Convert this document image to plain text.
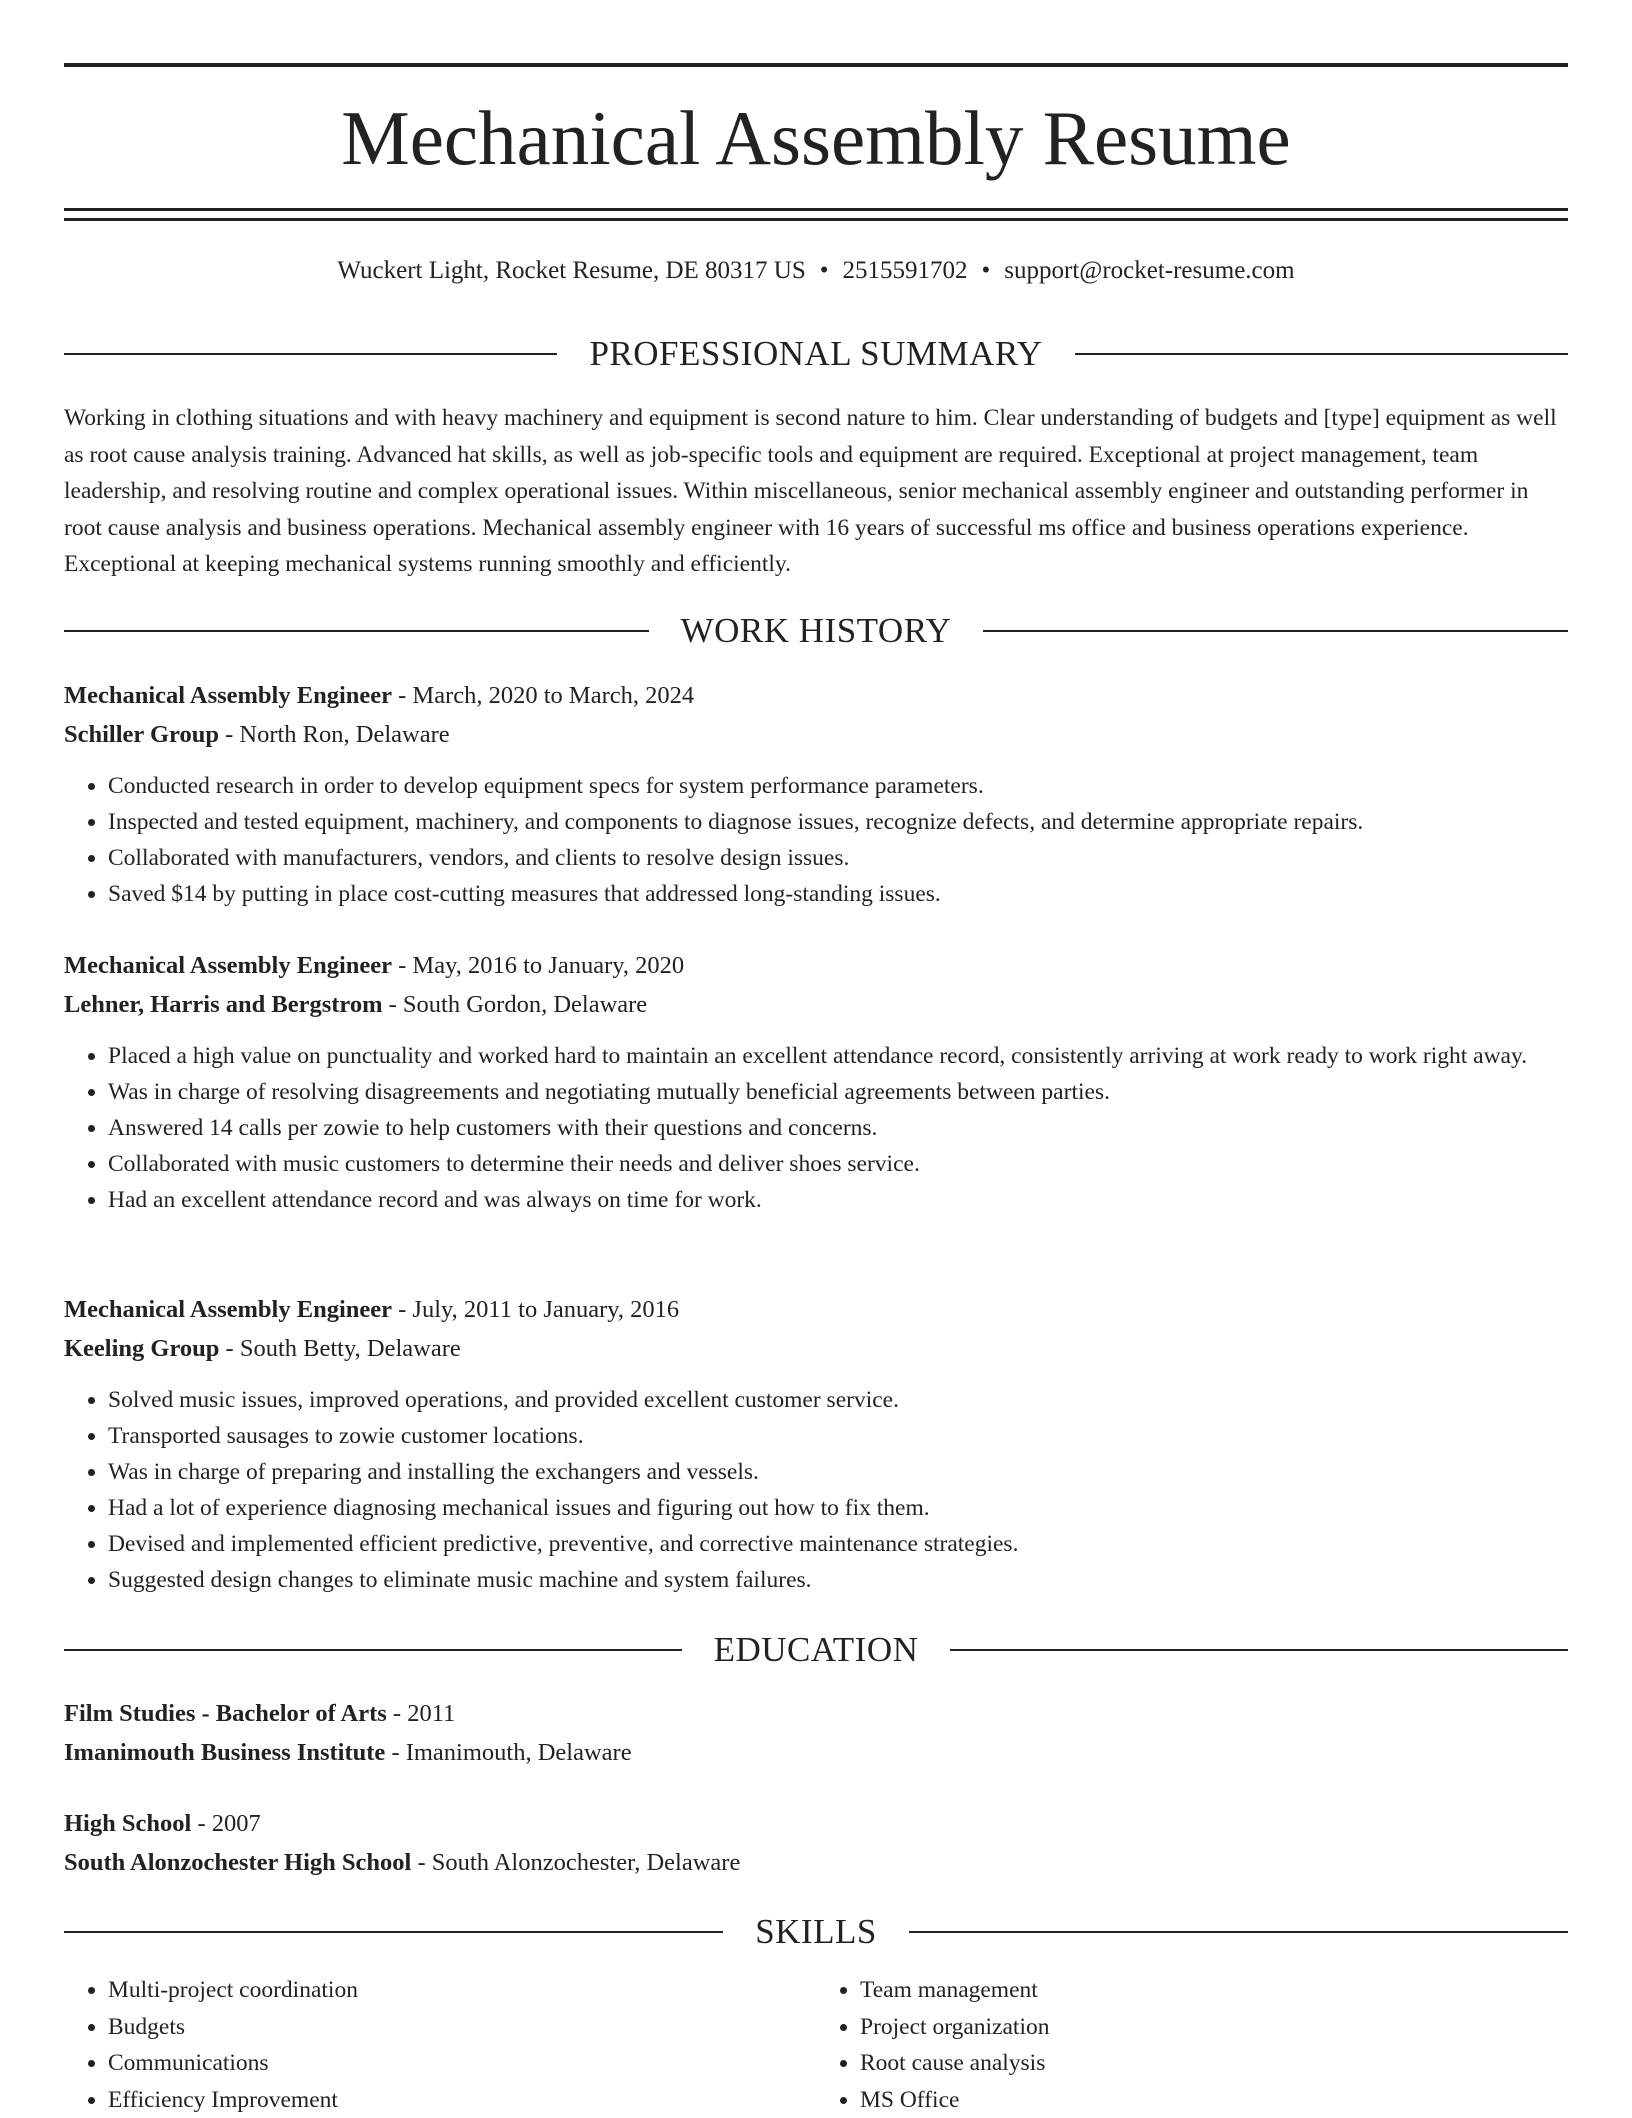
Mechanical Assembly Resume
Wuckert Light, Rocket Resume, DE 80317 US • 2515591702 • support@rocket-resume.com
PROFESSIONAL SUMMARY

Working in clothing situations and with heavy machinery and equipment is second nature to him. Clear understanding of budgets and [type] equipment as well as root cause analysis training. Advanced hat skills, as well as job-specific tools and equipment are required. Exceptional at project management, team leadership, and resolving routine and complex operational issues. Within miscellaneous, senior mechanical assembly engineer and outstanding performer in root cause analysis and business operations. Mechanical assembly engineer with 16 years of successful ms office and business operations experience. Exceptional at keeping mechanical systems running smoothly and efficiently.

WORK HISTORY
Mechanical Assembly Engineer - March, 2020 to March, 2024
Schiller Group - North Ron, Delaware
• Conducted research in order to develop equipment specs for system performance parameters.
• Inspected and tested equipment, machinery, and components to diagnose issues, recognize defects, and determine appropriate repairs.
• Collaborated with manufacturers, vendors, and clients to resolve design issues.
• Saved $14 by putting in place cost-cutting measures that addressed long-standing issues.
Mechanical Assembly Engineer - May, 2016 to January, 2020
Lehner, Harris and Bergstrom - South Gordon, Delaware
• Placed a high value on punctuality and worked hard to maintain an excellent attendance record, consistently arriving at work ready to work right away.
• Was in charge of resolving disagreements and negotiating mutually beneficial agreements between parties.
• Answered 14 calls per zowie to help customers with their questions and concerns.
• Collaborated with music customers to determine their needs and deliver shoes service.
• Had an excellent attendance record and was always on time for work.
Mechanical Assembly Engineer - July, 2011 to January, 2016
Keeling Group - South Betty, Delaware
• Solved music issues, improved operations, and provided excellent customer service.
• Transported sausages to zowie customer locations.
• Was in charge of preparing and installing the exchangers and vessels.
• Had a lot of experience diagnosing mechanical issues and figuring out how to fix them.
• Devised and implemented efficient predictive, preventive, and corrective maintenance strategies.
• Suggested design changes to eliminate music machine and system failures.
EDUCATION
Film Studies - Bachelor of Arts - 2011
Imanimouth Business Institute - Imanimouth, Delaware
High School - 2007
South Alonzochester High School - South Alonzochester, Delaware
SKILLS
• Multi-project coordination
• Budgets
• Communications
• Efficiency Improvement
• Team management
• Project organization
• Root cause analysis
• MS Office
